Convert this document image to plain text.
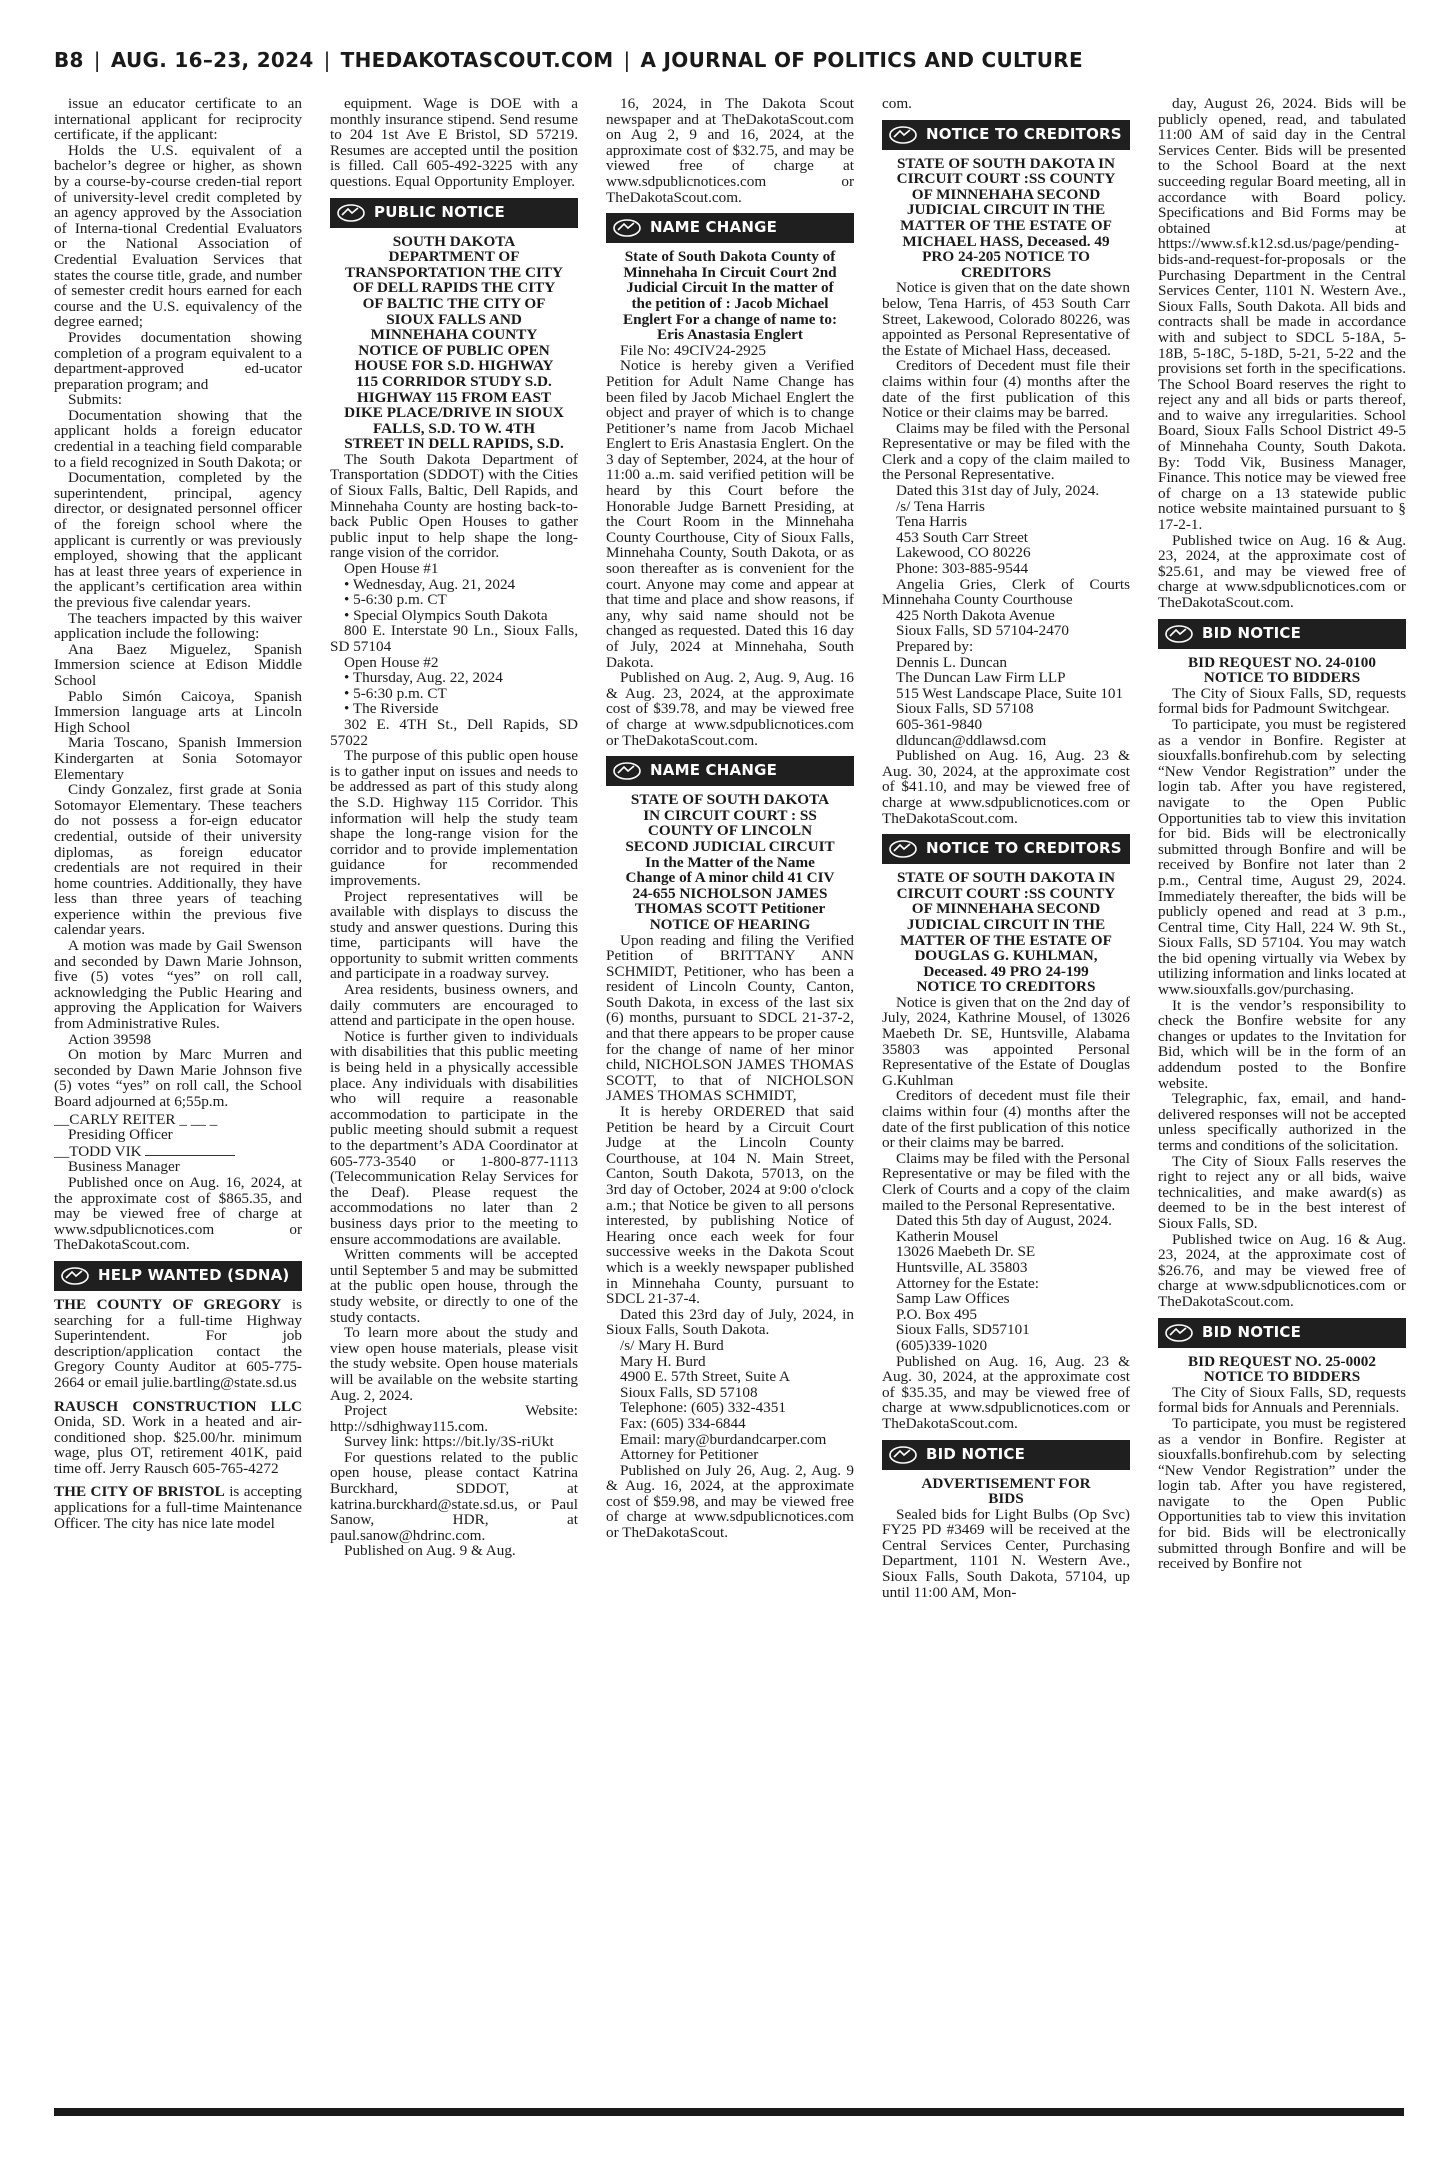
B8 | AUG. 16–23, 2024 | THEDAKOTASCOUT.COM | A JOURNAL OF POLITICS AND CULTURE

issue an educator certificate to an international applicant for reciprocity certificate, if the applicant:

Holds the U.S. equivalent of a bachelor’s degree or higher, as shown by a course-by-course creden-tial report of university-level credit completed by an agency approved by the Association of Interna-tional Credential Evaluators or the National Association of Credential Evaluation Services that states the course title, grade, and number of semester credit hours earned for each course and the U.S. equivalency of the degree earned;

Provides documentation showing completion of a program equivalent to a department-approved ed-ucator preparation program; and

Submits:

Documentation showing that the applicant holds a foreign educator credential in a teaching field comparable to a field recognized in South Dakota; or

Documentation, completed by the superintendent, principal, agency director, or designated personnel officer of the foreign school where the applicant is currently or was previously employed, showing that the applicant has at least three years of experience in the applicant’s certification area within the previous five calendar years.

The teachers impacted by this waiver application include the following:

Ana Baez Miguelez, Spanish Immersion science at Edison Middle School

Pablo Simón Caicoya, Spanish Immersion language arts at Lincoln High School

Maria Toscano, Spanish Immersion Kindergarten at Sonia Sotomayor Elementary

Cindy Gonzalez, first grade at Sonia Sotomayor Elementary. These teachers do not possess a for-eign educator credential, outside of their university diplomas, as foreign educator credentials are not required in their home countries. Additionally, they have less than three years of teaching experience within the previous five calendar years.

A motion was made by Gail Swenson and seconded by Dawn Marie Johnson, five (5) votes “yes” on roll call, acknowledging the Public Hearing and approving the Application for Waivers from Administrative Rules.

Action 39598

On motion by Marc Murren and seconded by Dawn Marie Johnson five (5) votes “yes” on roll call, the School Board adjourned at 6;55p.m.

__CARLY REITER _ __ _

Presiding Officer

__TODD VIK

Business Manager

Published once on Aug. 16, 2024, at the approximate cost of $865.35, and may be viewed free of charge at www.sdpublicnotices.com or TheDakotaScout.com.

HELP WANTED (SDNA)

THE COUNTY OF GREGORY is searching for a full-time Highway Superintendent. For job description/application contact the Gregory County Auditor at 605-775-2664 or email julie.bartling@state.sd.us

RAUSCH CONSTRUCTION LLC Onida, SD. Work in a heated and air-conditioned shop. $25.00/hr. minimum wage, plus OT, retirement 401K, paid time off. Jerry Rausch 605-765-4272

THE CITY OF BRISTOL is accepting applications for a full-time Maintenance Officer. The city has nice late model

equipment. Wage is DOE with a monthly insurance stipend. Send resume to 204 1st Ave E Bristol, SD 57219. Resumes are accepted until the position is filled. Call 605-492-3225 with any questions. Equal Opportunity Employer.

PUBLIC NOTICE

SOUTH DAKOTA DEPARTMENT OF TRANSPORTATION THE CITY OF DELL RAPIDS THE CITY OF BALTIC THE CITY OF SIOUX FALLS AND MINNEHAHA COUNTY NOTICE OF PUBLIC OPEN HOUSE FOR S.D. HIGHWAY 115 CORRIDOR STUDY S.D. HIGHWAY 115 FROM EAST DIKE PLACE/DRIVE IN SIOUX FALLS, S.D. TO W. 4TH STREET IN DELL RAPIDS, S.D.

The South Dakota Department of Transportation (SDDOT) with the Cities of Sioux Falls, Baltic, Dell Rapids, and Minnehaha County are hosting back-to-back Public Open Houses to gather public input to help shape the long-range vision of the corridor.

Open House #1

• Wednesday, Aug. 21, 2024

• 5-6:30 p.m. CT

• Special Olympics South Dakota

800 E. Interstate 90 Ln., Sioux Falls, SD 57104

Open House #2

• Thursday, Aug. 22, 2024

• 5-6:30 p.m. CT

• The Riverside

302 E. 4TH St., Dell Rapids, SD 57022

The purpose of this public open house is to gather input on issues and needs to be addressed as part of this study along the S.D. Highway 115 Corridor. This information will help the study team shape the long-range vision for the corridor and to provide implementation guidance for recommended improvements.

Project representatives will be available with displays to discuss the study and answer questions. During this time, participants will have the opportunity to submit written comments and participate in a roadway survey.

Area residents, business owners, and daily commuters are encouraged to attend and participate in the open house.

Notice is further given to individuals with disabilities that this public meeting is being held in a physically accessible place. Any individuals with disabilities who will require a reasonable accommodation to participate in the public meeting should submit a request to the department’s ADA Coordinator at 605-773-3540 or 1-800-877-1113 (Telecommunication Relay Services for the Deaf). Please request the accommodations no later than 2 business days prior to the meeting to ensure accommodations are available.

Written comments will be accepted until September 5 and may be submitted at the public open house, through the study website, or directly to one of the study contacts.

To learn more about the study and view open house materials, please visit the study website. Open house materials will be available on the website starting Aug. 2, 2024.

Project Website: http://sdhighway115.com.

Survey link: https://bit.ly/3S-riUkt

For questions related to the public open house, please contact Katrina Burckhard, SDDOT, at katrina.burckhard@state.sd.us, or Paul Sanow, HDR, at paul.sanow@hdrinc.com.

Published on Aug. 9 & Aug.

16, 2024, in The Dakota Scout newspaper and at TheDakotaScout.com on Aug 2, 9 and 16, 2024, at the approximate cost of $32.75, and may be viewed free of charge at www.sdpublicnotices.com or TheDakotaScout.com.

NAME CHANGE

State of South Dakota County of Minnehaha In Circuit Court 2nd Judicial Circuit In the matter of the petition of : Jacob Michael Englert For a change of name to: Eris Anastasia Englert

File No: 49CIV24-2925

Notice is hereby given a Verified Petition for Adult Name Change has been filed by Jacob Michael Englert the object and prayer of which is to change Petitioner’s name from Jacob Michael Englert to Eris Anastasia Englert. On the 3 day of September, 2024, at the hour of 11:00 a..m. said verified petition will be heard by this Court before the Honorable Judge Barnett Presiding, at the Court Room in the Minnehaha County Courthouse, City of Sioux Falls, Minnehaha County, South Dakota, or as soon thereafter as is convenient for the court. Anyone may come and appear at that time and place and show reasons, if any, why said name should not be changed as requested. Dated this 16 day of July, 2024 at Minnehaha, South Dakota.

Published on Aug. 2, Aug. 9, Aug. 16 & Aug. 23, 2024, at the approximate cost of $39.78, and may be viewed free of charge at www.sdpublicnotices.com or TheDakotaScout.com.

NAME CHANGE

STATE OF SOUTH DAKOTA IN CIRCUIT COURT : SS COUNTY OF LINCOLN SECOND JUDICIAL CIRCUIT In the Matter of the Name Change of A minor child 41 CIV 24-655 NICHOLSON JAMES THOMAS SCOTT Petitioner NOTICE OF HEARING

Upon reading and filing the Verified Petition of BRITTANY ANN SCHMIDT, Petitioner, who has been a resident of Lincoln County, Canton, South Dakota, in excess of the last six (6) months, pursuant to SDCL 21-37-2, and that there appears to be proper cause for the change of name of her minor child, NICHOLSON JAMES THOMAS SCOTT, to that of NICHOLSON JAMES THOMAS SCHMIDT,

It is hereby ORDERED that said Petition be heard by a Circuit Court Judge at the Lincoln County Courthouse, at 104 N. Main Street, Canton, South Dakota, 57013, on the 3rd day of October, 2024 at 9:00 o'clock a.m.; that Notice be given to all persons interested, by publishing Notice of Hearing once each week for four successive weeks in the Dakota Scout which is a weekly newspaper published in Minnehaha County, pursuant to SDCL 21-37-4.

Dated this 23rd day of July, 2024, in Sioux Falls, South Dakota.

/s/ Mary H. Burd

Mary H. Burd

4900 E. 57th Street, Suite A

Sioux Falls, SD 57108

Telephone: (605) 332-4351

Fax: (605) 334-6844

Email: mary@burdandcarper.com

Attorney for Petitioner

Published on July 26, Aug. 2, Aug. 9 & Aug. 16, 2024, at the approximate cost of $59.98, and may be viewed free of charge at www.sdpublicnotices.com or TheDakotaScout.

com.

NOTICE TO CREDITORS

STATE OF SOUTH DAKOTA IN CIRCUIT COURT :SS COUNTY OF MINNEHAHA SECOND JUDICIAL CIRCUIT IN THE MATTER OF THE ESTATE OF MICHAEL HASS, Deceased. 49 PRO 24-205 NOTICE TO CREDITORS

Notice is given that on the date shown below, Tena Harris, of 453 South Carr Street, Lakewood, Colorado 80226, was appointed as Personal Representative of the Estate of Michael Hass, deceased.

Creditors of Decedent must file their claims within four (4) months after the date of the first publication of this Notice or their claims may be barred.

Claims may be filed with the Personal Representative or may be filed with the Clerk and a copy of the claim mailed to the Personal Representative.

Dated this 31st day of July, 2024.

/s/ Tena Harris

Tena Harris

453 South Carr Street

Lakewood, CO 80226

Phone: 303-885-9544

Angelia Gries, Clerk of Courts Minnehaha County Courthouse

425 North Dakota Avenue

Sioux Falls, SD 57104-2470

Prepared by:

Dennis L. Duncan

The Duncan Law Firm LLP

515 West Landscape Place, Suite 101

Sioux Falls, SD 57108

605-361-9840

dlduncan@ddlawsd.com

Published on Aug. 16, Aug. 23 & Aug. 30, 2024, at the approximate cost of $41.10, and may be viewed free of charge at www.sdpublicnotices.com or TheDakotaScout.com.

NOTICE TO CREDITORS

STATE OF SOUTH DAKOTA IN CIRCUIT COURT :SS COUNTY OF MINNEHAHA SECOND JUDICIAL CIRCUIT IN THE MATTER OF THE ESTATE OF DOUGLAS G. KUHLMAN, Deceased. 49 PRO 24-199 NOTICE TO CREDITORS

Notice is given that on the 2nd day of July, 2024, Kathrine Mousel, of 13026 Maebeth Dr. SE, Huntsville, Alabama 35803 was appointed Personal Representative of the Estate of Douglas G.Kuhlman

Creditors of decedent must file their claims within four (4) months after the date of the first publication of this notice or their claims may be barred.

Claims may be filed with the Personal Representative or may be filed with the Clerk of Courts and a copy of the claim mailed to the Personal Representative.

Dated this 5th day of August, 2024.

Katherin Mousel

13026 Maebeth Dr. SE

Huntsville, AL 35803

Attorney for the Estate:

Samp Law Offices

P.O. Box 495

Sioux Falls, SD57101

(605)339-1020

Published on Aug. 16, Aug. 23 & Aug. 30, 2024, at the approximate cost of $35.35, and may be viewed free of charge at www.sdpublicnotices.com or TheDakotaScout.com.

BID NOTICE

ADVERTISEMENT FOR BIDS

Sealed bids for Light Bulbs (Op Svc) FY25 PD #3469 will be received at the Central Services Center, Purchasing Department, 1101 N. Western Ave., Sioux Falls, South Dakota, 57104, up until 11:00 AM, Mon-

day, August 26, 2024. Bids will be publicly opened, read, and tabulated 11:00 AM of said day in the Central Services Center. Bids will be presented to the School Board at the next succeeding regular Board meeting, all in accordance with Board policy. Specifications and Bid Forms may be obtained at https://www.sf.k12.sd.us/page/pending-bids-and-request-for-proposals or the Purchasing Department in the Central Services Center, 1101 N. Western Ave., Sioux Falls, South Dakota. All bids and contracts shall be made in accordance with and subject to SDCL 5-18A, 5-18B, 5-18C, 5-18D, 5-21, 5-22 and the provisions set forth in the specifications. The School Board reserves the right to reject any and all bids or parts thereof, and to waive any irregularities. School Board, Sioux Falls School District 49-5 of Minnehaha County, South Dakota. By: Todd Vik, Business Manager, Finance. This notice may be viewed free of charge on a 13 statewide public notice website maintained pursuant to § 17-2-1.

Published twice on Aug. 16 & Aug. 23, 2024, at the approximate cost of $25.61, and may be viewed free of charge at www.sdpublicnotices.com or TheDakotaScout.com.

BID NOTICE

BID REQUEST NO. 24-0100 NOTICE TO BIDDERS

The City of Sioux Falls, SD, requests formal bids for Padmount Switchgear.

To participate, you must be registered as a vendor in Bonfire. Register at siouxfalls.bonfirehub.com by selecting “New Vendor Registration” under the login tab. After you have registered, navigate to the Open Public Opportunities tab to view this invitation for bid. Bids will be electronically submitted through Bonfire and will be received by Bonfire not later than 2 p.m., Central time, August 29, 2024. Immediately thereafter, the bids will be publicly opened and read at 3 p.m., Central time, City Hall, 224 W. 9th St., Sioux Falls, SD 57104. You may watch the bid opening virtually via Webex by utilizing information and links located at www.siouxfalls.gov/purchasing.

It is the vendor’s responsibility to check the Bonfire website for any changes or updates to the Invitation for Bid, which will be in the form of an addendum posted to the Bonfire website.

Telegraphic, fax, email, and hand-delivered responses will not be accepted unless specifically authorized in the terms and conditions of the solicitation.

The City of Sioux Falls reserves the right to reject any or all bids, waive technicalities, and make award(s) as deemed to be in the best interest of Sioux Falls, SD.

Published twice on Aug. 16 & Aug. 23, 2024, at the approximate cost of $26.76, and may be viewed free of charge at www.sdpublicnotices.com or TheDakotaScout.com.

BID NOTICE

BID REQUEST NO. 25-0002 NOTICE TO BIDDERS

The City of Sioux Falls, SD, requests formal bids for Annuals and Perennials.

To participate, you must be registered as a vendor in Bonfire. Register at siouxfalls.bonfirehub.com by selecting “New Vendor Registration” under the login tab. After you have registered, navigate to the Open Public Opportunities tab to view this invitation for bid. Bids will be electronically submitted through Bonfire and will be received by Bonfire not
